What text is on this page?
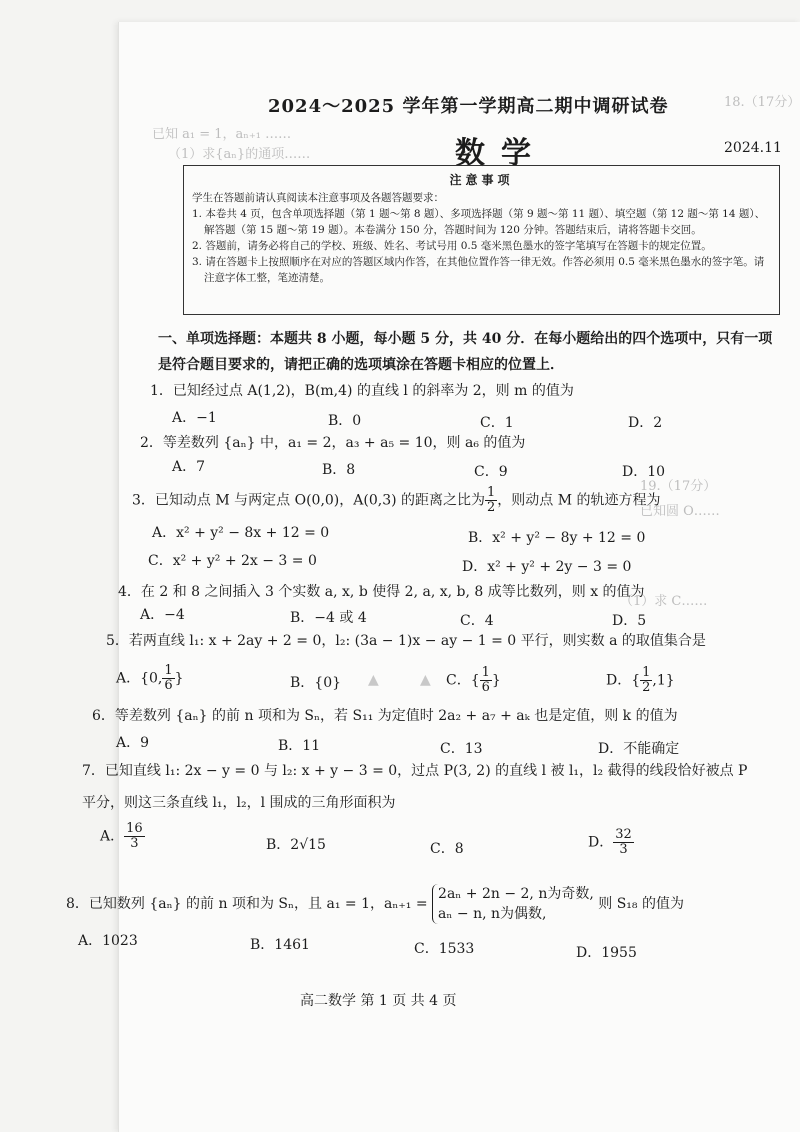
已知 a₁ = 1，aₙ₊₁ ……
（1）求{aₙ}的通项……
18.（17分）
19.（17分）
已知圆 O……
（1）求 C……
2024～2025 学年第一学期高二期中调研试卷
数学	2024.11
注意事项

学生在答题前请认真阅读本注意事项及各题答题要求：

1. 本卷共 4 页，包含单项选择题（第 1 题～第 8 题）、多项选择题（第 9 题～第 11 题）、填空题（第 12 题～第 14 题）、解答题（第 15 题～第 19 题）。本卷满分 150 分，答题时间为 120 分钟。答题结束后，请将答题卡交回。

2. 答题前，请务必将自己的学校、班级、姓名、考试号用 0.5 毫米黑色墨水的签字笔填写在答题卡的规定位置。

3. 请在答题卡上按照顺序在对应的答题区域内作答，在其他位置作答一律无效。作答必须用 0.5 毫米黑色墨水的签字笔。请注意字体工整，笔迹清楚。

一、单项选择题：本题共 8 小题，每小题 5 分，共 40 分．在每小题给出的四个选项中，只有一项是符合题目要求的，请把正确的选项填涂在答题卡相应的位置上．
1．已知经过点 A(1,2)，B(m,4) 的直线 l 的斜率为 2，则 m 的值为
A．−1	B．0	C．1	D．2
2．等差数列 {aₙ} 中，a₁ = 2，a₃ + a₅ = 10，则 a₆ 的值为
A．7	B．8	C．9	D．10
3．已知动点 M 与两定点 O(0,0)，A(0,3) 的距离之比为 $\frac{1}{2}$ ，则动点 M 的轨迹方程为
A．x² + y² − 8x + 12 = 0	B．x² + y² − 8y + 12 = 0
C．x² + y² + 2x − 3 = 0	D．x² + y² + 2y − 3 = 0
4．在 2 和 8 之间插入 3 个实数 a, x, b 使得 2, a, x, b, 8 成等比数列，则 x 的值为
A．−4	B．−4 或 4	C．4	D．5
5．若两直线 l₁: x + 2ay + 2 = 0，l₂: (3a − 1)x − ay − 1 = 0 平行，则实数 a 的取值集合是
A．{0, $\frac{1}{6}$ }	B．{0} ▲	▲ C．{ $\frac{1}{6}$ }	D．{ $\frac{1}{2} ,1$}
6．等差数列 {aₙ} 的前 n 项和为 Sₙ，若 S₁₁ 为定值时 2a₂ + a₇ + aₖ 也是定值，则 k 的值为
A．9	B．11	C．13	D．不能确定
7．已知直线 l₁: 2x − y = 0 与 l₂: x + y − 3 = 0，过点 P(3, 2) 的直线 l 被 l₁，l₂ 截得的线段恰好被点 P
平分，则这三条直线 l₁，l₂，l 围成的三角形面积为
A． $\frac{16}{3}$	B．2√15	C．8	D． $\frac{32}{3}$
8．已知数列 {aₙ} 的前 n 项和为 Sₙ，且 a₁ = 1，aₙ₊₁ =
2aₙ + 2n − 2, n为奇数,
aₙ − n, n为偶数,
则 S₁₈ 的值为
A．1023	B．1461	C．1533	D．1955
高二数学 第 1 页 共 4 页
